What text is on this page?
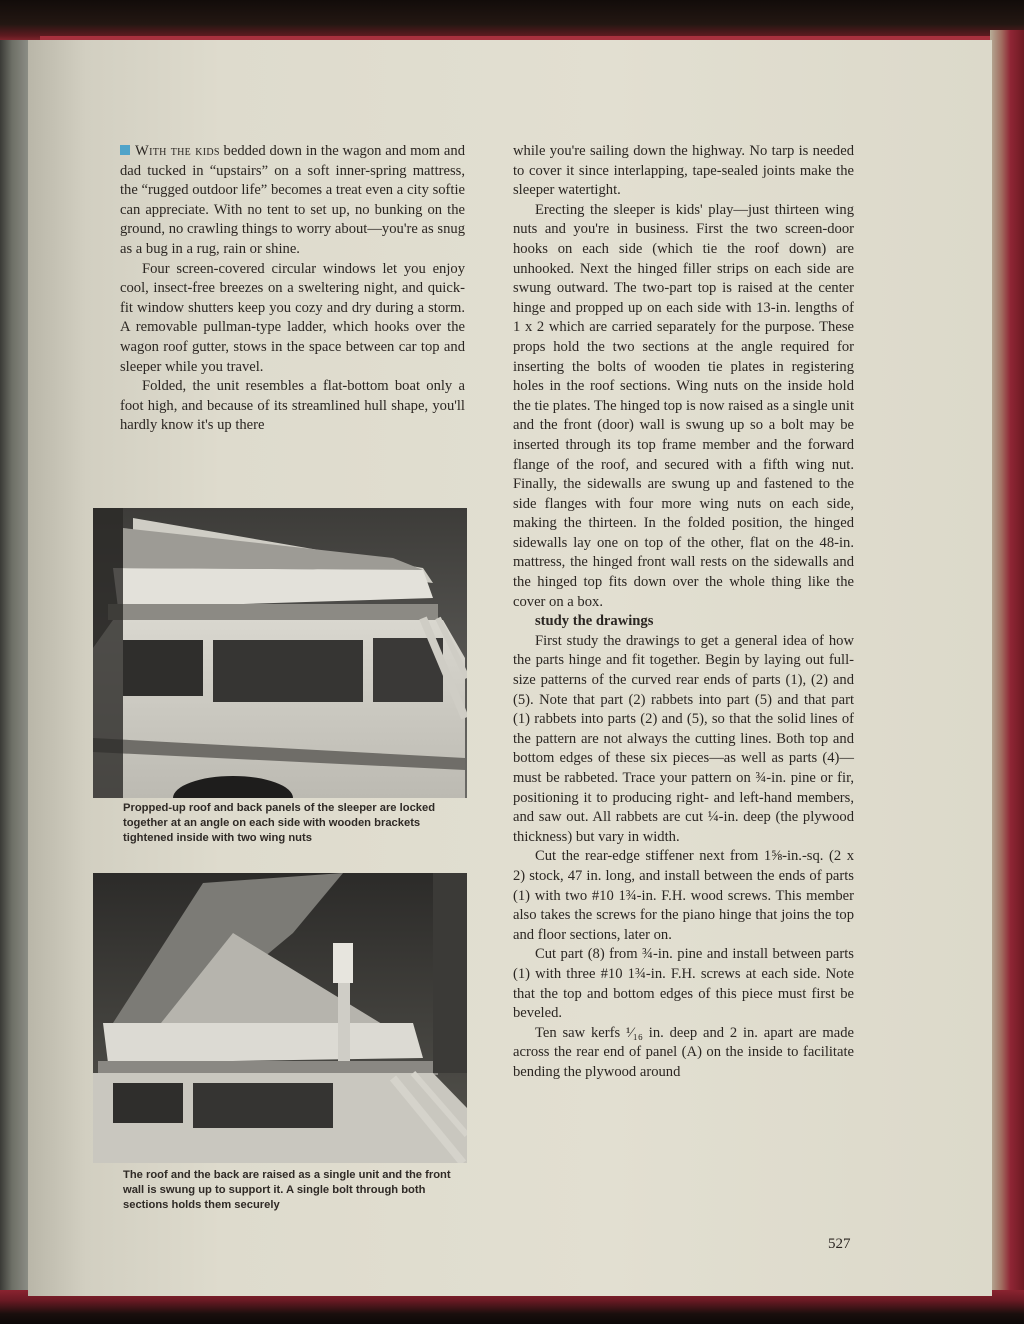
With the kids bedded down in the wagon and mom and dad tucked in “upstairs” on a soft inner-spring mattress, the “rugged outdoor life” becomes a treat even a city softie can appreciate. With no tent to set up, no bunking on the ground, no crawling things to worry about—you're as snug as a bug in a rug, rain or shine.

Four screen-covered circular windows let you enjoy cool, insect-free breezes on a sweltering night, and quick-fit window shutters keep you cozy and dry during a storm. A removable pullman-type ladder, which hooks over the wagon roof gutter, stows in the space between car top and sleeper while you travel.

Folded, the unit resembles a flat-bottom boat only a foot high, and because of its streamlined hull shape, you'll hardly know it's up there

Propped-up roof and back panels of the sleeper are locked together at an angle on each side with wooden brackets tightened inside with two wing nuts
The roof and the back are raised as a single unit and the front wall is swung up to support it. A single bolt through both sections holds them securely

while you're sailing down the highway. No tarp is needed to cover it since interlapping, tape-sealed joints make the sleeper watertight.

Erecting the sleeper is kids' play—just thirteen wing nuts and you're in business. First the two screen-door hooks on each side (which tie the roof down) are unhooked. Next the hinged filler strips on each side are swung outward. The two-part top is raised at the center hinge and propped up on each side with 13-in. lengths of 1 x 2 which are carried separately for the purpose. These props hold the two sections at the angle required for inserting the bolts of wooden tie plates in registering holes in the roof sections. Wing nuts on the inside hold the tie plates. The hinged top is now raised as a single unit and the front (door) wall is swung up so a bolt may be inserted through its top frame member and the forward flange of the roof, and secured with a fifth wing nut. Finally, the sidewalls are swung up and fastened to the side flanges with four more wing nuts on each side, making the thirteen. In the folded position, the hinged sidewalls lay one on top of the other, flat on the 48-in. mattress, the hinged front wall rests on the sidewalls and the hinged top fits down over the whole thing like the cover on a box.

study the drawings

First study the drawings to get a general idea of how the parts hinge and fit together. Begin by laying out full-size patterns of the curved rear ends of parts (1), (2) and (5). Note that part (2) rabbets into part (5) and that part (1) rabbets into parts (2) and (5), so that the solid lines of the pattern are not always the cutting lines. Both top and bottom edges of these six pieces—as well as parts (4)—must be rabbeted. Trace your pattern on ¾-in. pine or fir, positioning it to producing right- and left-hand members, and saw out. All rabbets are cut ¼-in. deep (the plywood thickness) but vary in width.

Cut the rear-edge stiffener next from 1⅝-in.-sq. (2 x 2) stock, 47 in. long, and install between the ends of parts (1) with two #10 1¾-in. F.H. wood screws. This member also takes the screws for the piano hinge that joins the top and floor sections, later on.

Cut part (8) from ¾-in. pine and install between parts (1) with three #10 1¾-in. F.H. screws at each side. Note that the top and bottom edges of this piece must first be beveled.

Ten saw kerfs ¹⁄₁₆ in. deep and 2 in. apart are made across the rear end of panel (A) on the inside to facilitate bending the plywood around

527
